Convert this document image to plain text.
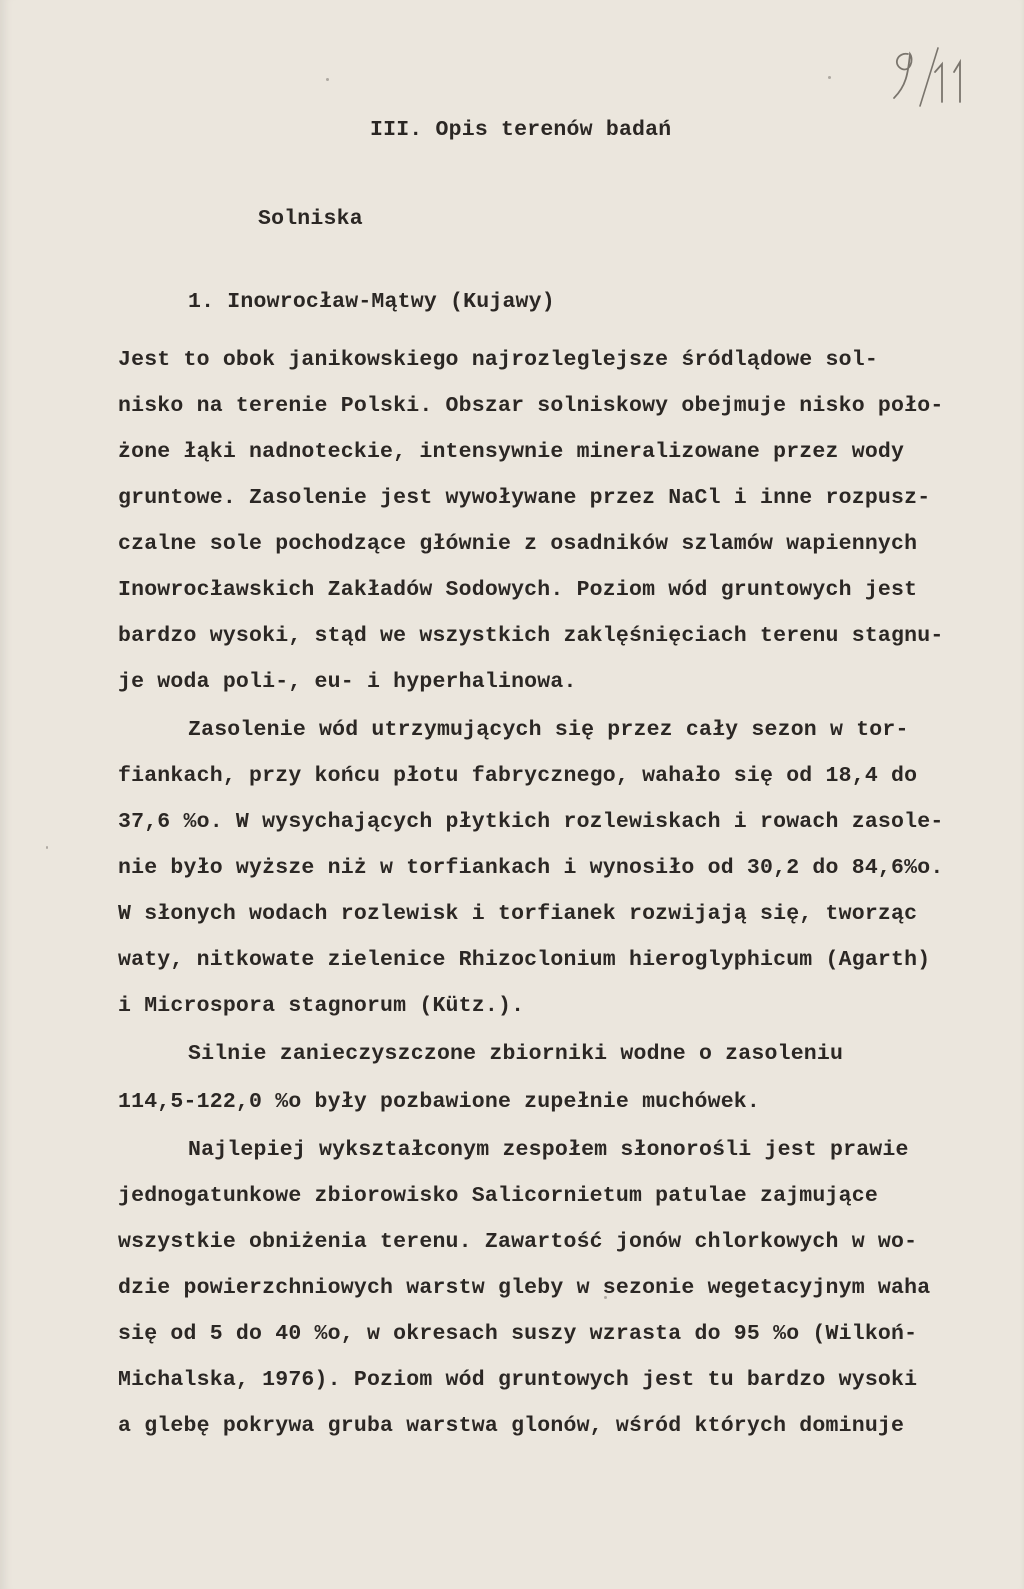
III. Opis terenów badań
Solniska
1. Inowrocław-Mątwy (Kujawy)
Jest to obok janikowskiego najrozleglejsze śródlądowe sol-
nisko na terenie Polski. Obszar solniskowy obejmuje nisko poło-
żone łąki nadnoteckie, intensywnie mineralizowane przez wody
gruntowe. Zasolenie jest wywoływane przez NaCl i inne rozpusz-
czalne sole pochodzące głównie z osadników szlamów wapiennych
Inowrocławskich Zakładów Sodowych. Poziom wód gruntowych jest
bardzo wysoki, stąd we wszystkich zaklęśnięciach terenu stagnu-
je woda poli-, eu- i hyperhalinowa.
Zasolenie wód utrzymujących się przez cały sezon w tor-
fiankach, przy końcu płotu fabrycznego, wahało się od 18,4 do
37,6 %o. W wysychających płytkich rozlewiskach i rowach zasole-
nie było wyższe niż w torfiankach i wynosiło od 30,2 do 84,6%o.
W słonych wodach rozlewisk i torfianek rozwijają się, tworząc
waty, nitkowate zielenice Rhizoclonium hieroglyphicum (Agarth)
i Microspora stagnorum (Kütz.).
Silnie zanieczyszczone zbiorniki wodne o zasoleniu
114,5-122,0 %o były pozbawione zupełnie muchówek.
Najlepiej wykształconym zespołem słonorośli jest prawie
jednogatunkowe zbiorowisko Salicornietum patulae zajmujące
wszystkie obniżenia terenu. Zawartość jonów chlorkowych w wo-
dzie powierzchniowych warstw gleby w sezonie wegetacyjnym waha
się od 5 do 40 %o, w okresach suszy wzrasta do 95 %o (Wilkoń-
Michalska, 1976). Poziom wód gruntowych jest tu bardzo wysoki
a glebę pokrywa gruba warstwa glonów, wśród których dominuje
